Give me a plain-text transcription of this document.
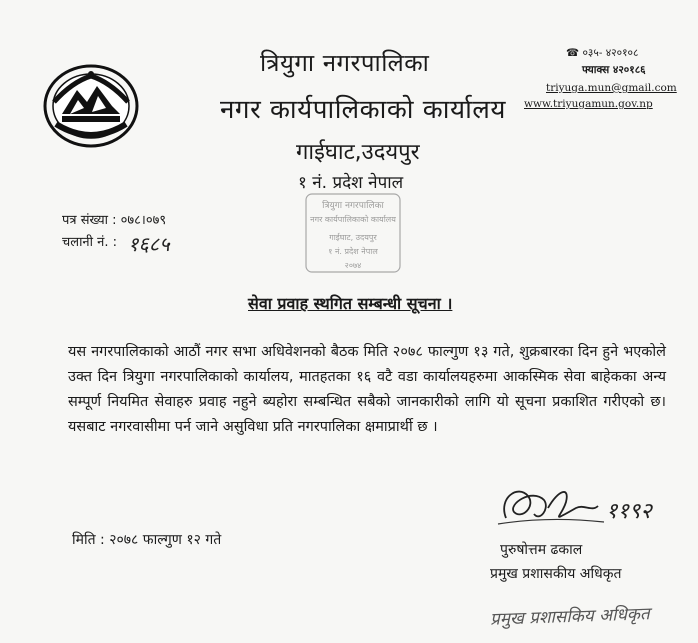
त्रियुगा नगरपालिका
नगर कार्यपालिकाको कार्यालय
गाईघाट,उदयपुर
१ नं. प्रदेश नेपाल
☎ ०३५- ४२०१०८
फ्याक्स ४२०१८६
triyuga.mun@gmail.com
www.triyugamun.gov.np
पत्र संख्या : ०७८।०७९
चलानी नं. : १६८५
त्रियुगा नगरपालिका
नगर कार्यपालिकाको कार्यालय
गाईघाट, उदयपुर
१ नं. प्रदेश नेपाल
२०७४
सेवा प्रवाह स्थगित सम्बन्धी सूचना ।
यस नगरपालिकाको आठौं नगर सभा अधिवेशनको बैठक मिति २०७८ फाल्गुण १३ गते, शुक्रबारका दिन हुने भएकोले उक्त दिन त्रियुगा नगरपालिकाको कार्यालय, मातहतका १६ वटै वडा कार्यालयहरुमा आकस्मिक सेवा बाहेकका अन्य सम्पूर्ण नियमित सेवाहरु प्रवाह नहुने ब्यहोरा सम्बन्धित सबैको जानकारीको लागि यो सूचना प्रकाशित गरीएको छ। यसबाट नगरवासीमा पर्न जाने असुविधा प्रति नगरपालिका क्षमाप्रार्थी छ ।
मिति : २०७८ फाल्गुण १२ गते
११९२
पुरुषोत्तम ढकाल
प्रमुख प्रशासकीय अधिकृत
प्रमुख प्रशासकिय अधिकृत
